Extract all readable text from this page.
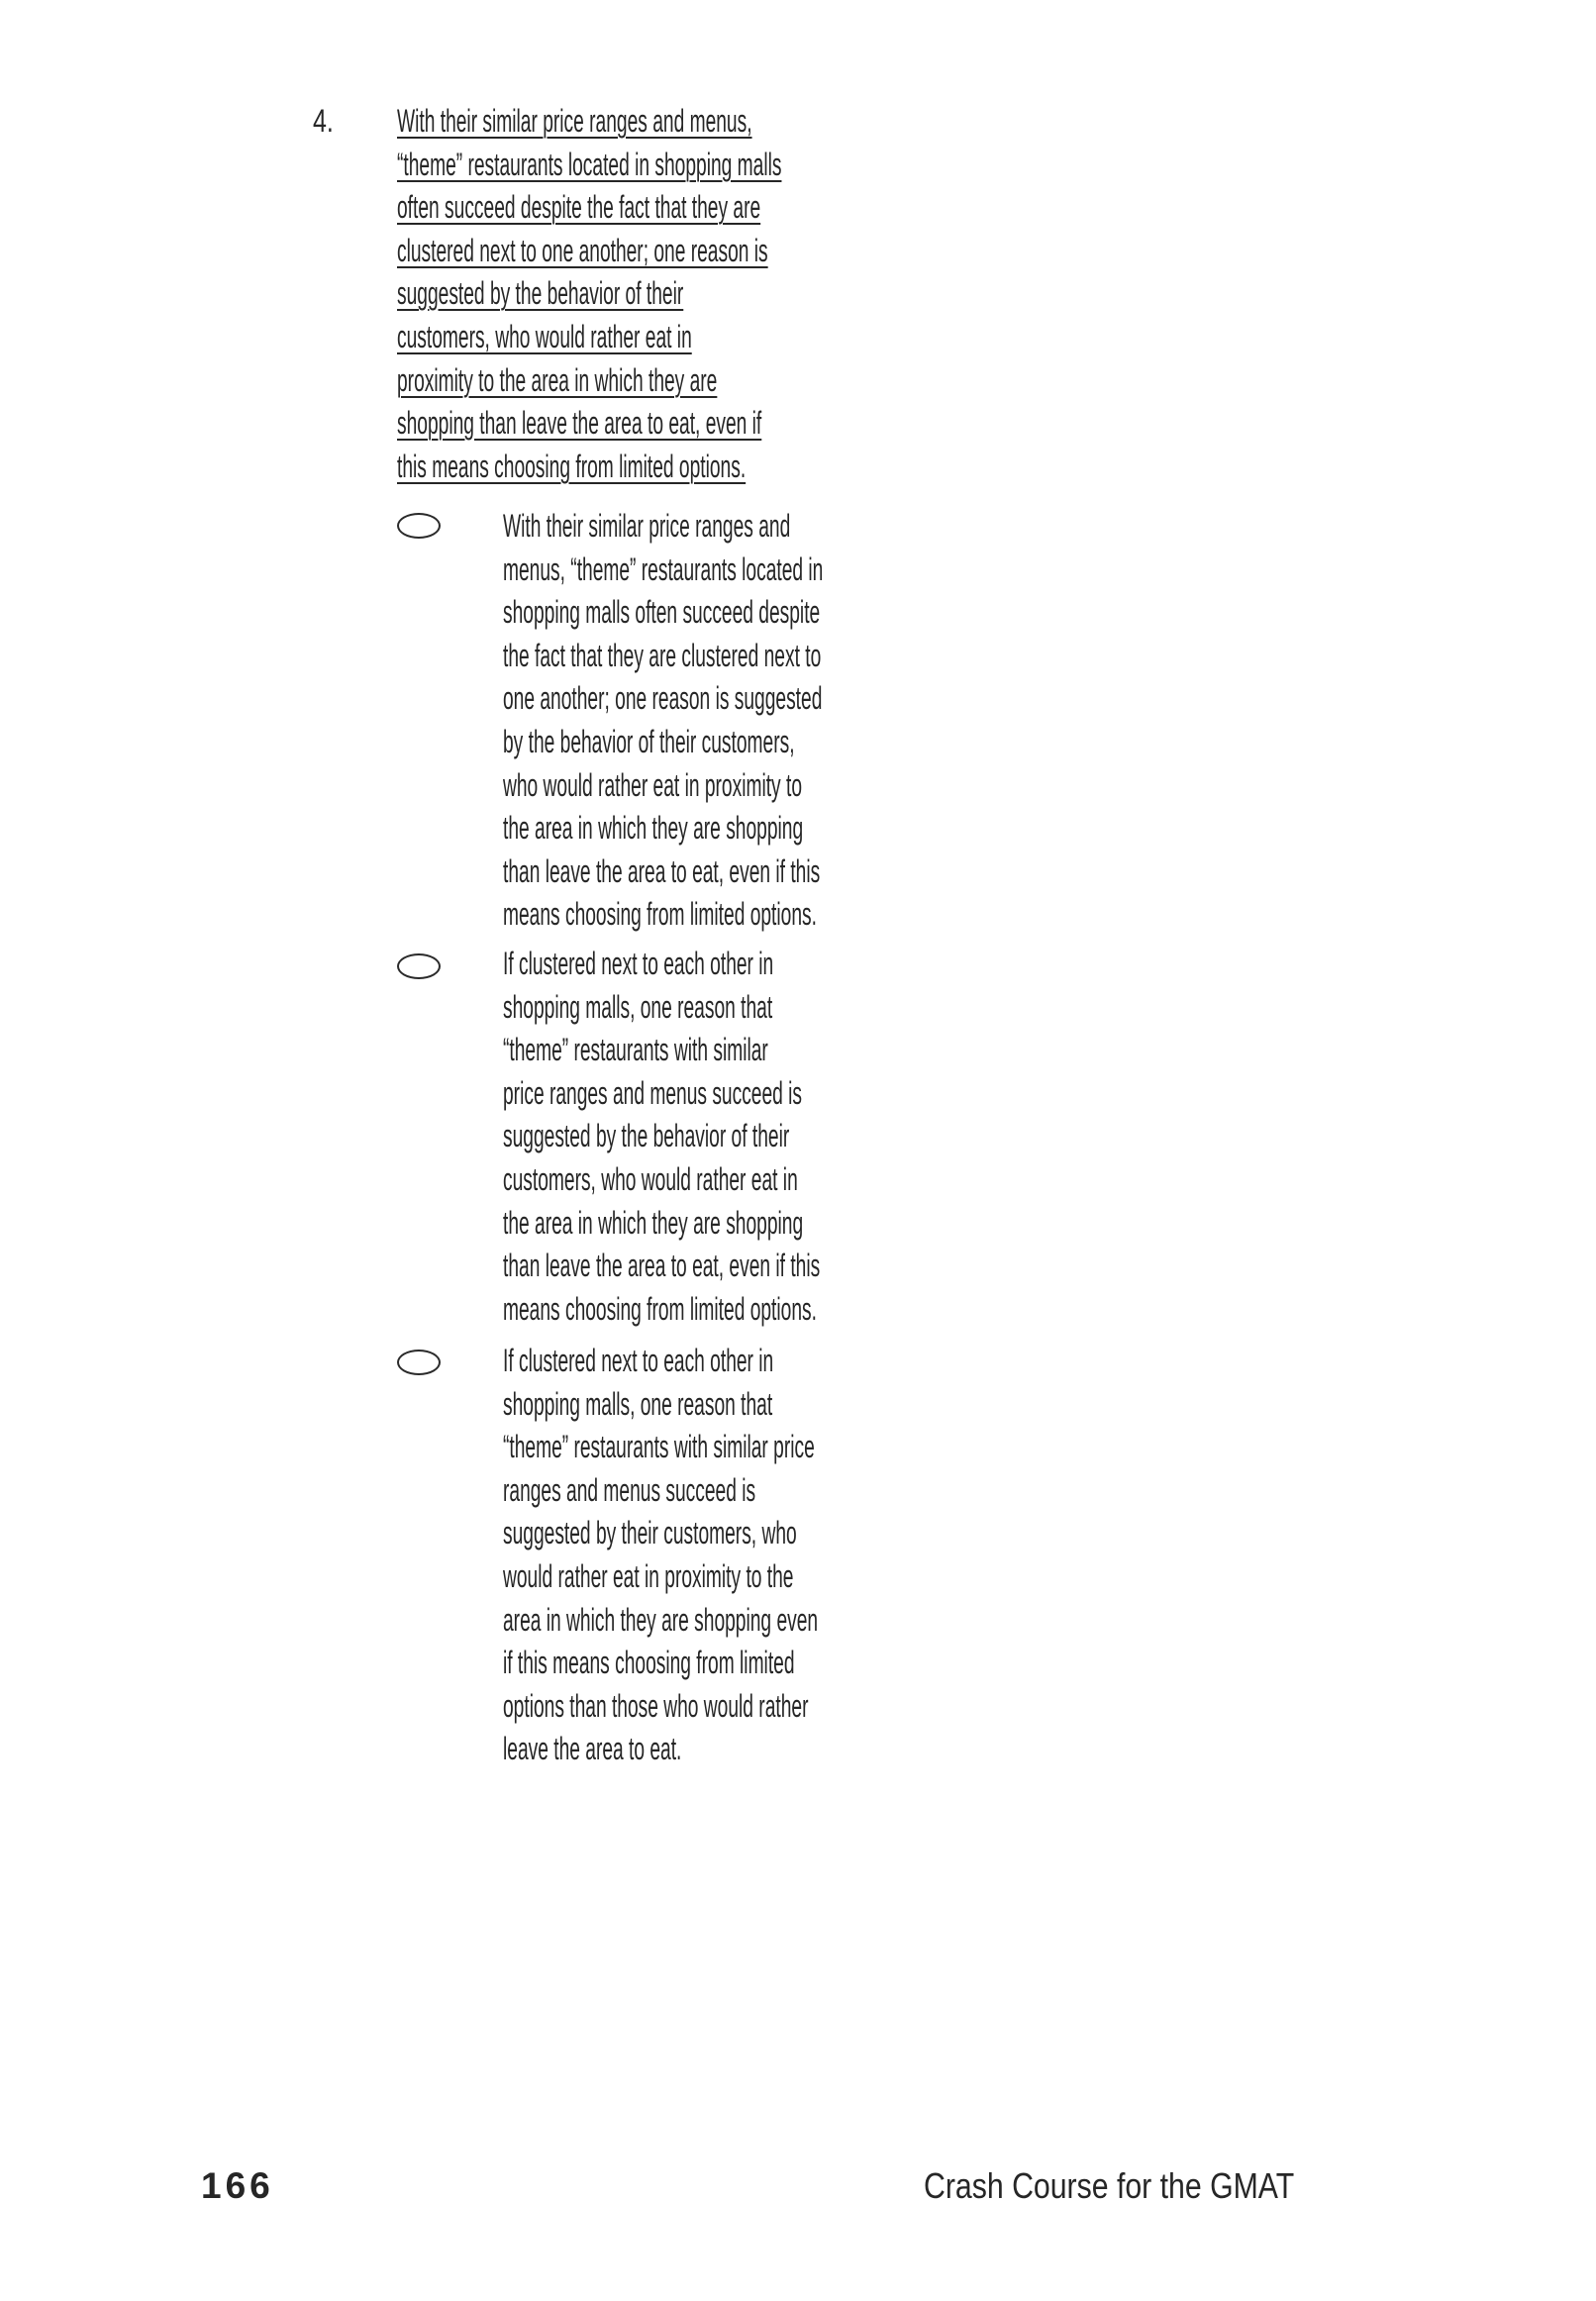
4. With their similar price ranges and menus,
“theme” restaurants located in shopping malls
often succeed despite the fact that they are
clustered next to one another; one reason is
suggested by the behavior of their
customers, who would rather eat in
proximity to the area in which they are
shopping than leave the area to eat, even if
this means choosing from limited options.
With their similar price ranges and
menus, “theme” restaurants located in
shopping malls often succeed despite
the fact that they are clustered next to
one another; one reason is suggested
by the behavior of their customers,
who would rather eat in proximity to
the area in which they are shopping
than leave the area to eat, even if this
means choosing from limited options.
If clustered next to each other in
shopping malls, one reason that
“theme” restaurants with similar
price ranges and menus succeed is
suggested by the behavior of their
customers, who would rather eat in
the area in which they are shopping
than leave the area to eat, even if this
means choosing from limited options.
If clustered next to each other in
shopping malls, one reason that
“theme” restaurants with similar price
ranges and menus succeed is
suggested by their customers, who
would rather eat in proximity to the
area in which they are shopping even
if this means choosing from limited
options than those who would rather
leave the area to eat.
166	Crash Course for the GMAT
